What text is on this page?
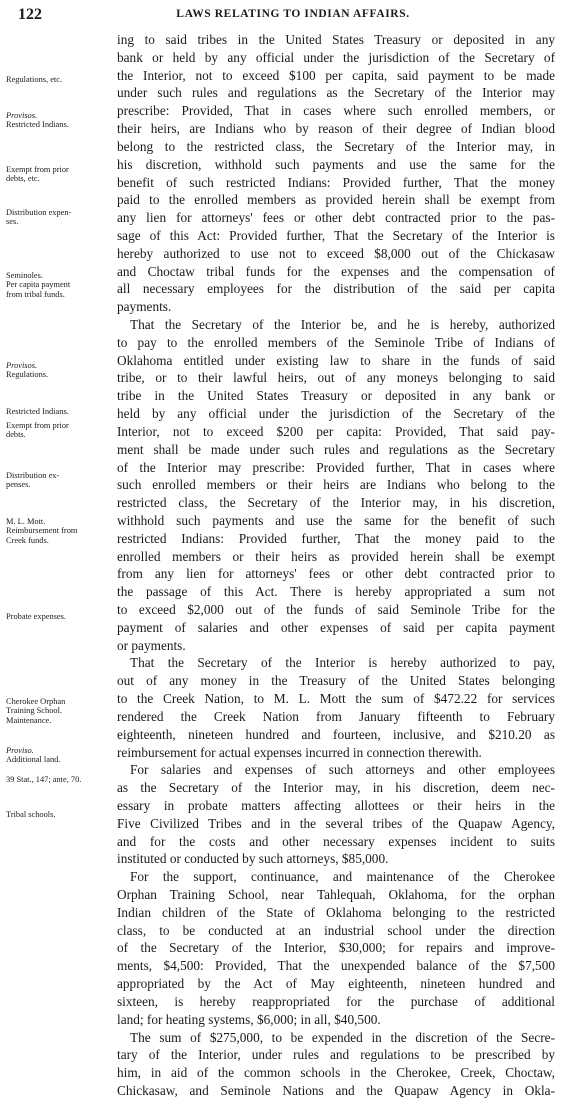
122	LAWS RELATING TO INDIAN AFFAIRS.
ing to said tribes in the United States Treasury or deposited in any
bank or held by any official under the jurisdiction of the Secretary of
the Interior, not to exceed $100 per capita, said payment to be made
under such rules and regulations as the Secretary of the Interior may
prescribe: Provided, That in cases where such enrolled members, or
their heirs, are Indians who by reason of their degree of Indian blood
belong to the restricted class, the Secretary of the Interior may, in
his discretion, withhold such payments and use the same for the
benefit of such restricted Indians: Provided further, That the money
paid to the enrolled members as provided herein shall be exempt from
any lien for attorneys' fees or other debt contracted prior to the pas-
sage of this Act: Provided further, That the Secretary of the Interior is
hereby authorized to use not to exceed $8,000 out of the Chickasaw
and Choctaw tribal funds for the expenses and the compensation of
all necessary employees for the distribution of the said per capita
payments.
That the Secretary of the Interior be, and he is hereby, authorized
to pay to the enrolled members of the Seminole Tribe of Indians of
Oklahoma entitled under existing law to share in the funds of said
tribe, or to their lawful heirs, out of any moneys belonging to said
tribe in the United States Treasury or deposited in any bank or
held by any official under the jurisdiction of the Secretary of the
Interior, not to exceed $200 per capita: Provided, That said pay-
ment shall be made under such rules and regulations as the Secretary
of the Interior may prescribe: Provided further, That in cases where
such enrolled members or their heirs are Indians who belong to the
restricted class, the Secretary of the Interior may, in his discretion,
withhold such payments and use the same for the benefit of such
restricted Indians: Provided further, That the money paid to the
enrolled members or their heirs as provided herein shall be exempt
from any lien for attorneys' fees or other debt contracted prior to
the passage of this Act. There is hereby appropriated a sum not
to exceed $2,000 out of the funds of said Seminole Tribe for the
payment of salaries and other expenses of said per capita payment
or payments.
That the Secretary of the Interior is hereby authorized to pay,
out of any money in the Treasury of the United States belonging
to the Creek Nation, to M. L. Mott the sum of $472.22 for services
rendered the Creek Nation from January fifteenth to February
eighteenth, nineteen hundred and fourteen, inclusive, and $210.20 as
reimbursement for actual expenses incurred in connection therewith.
For salaries and expenses of such attorneys and other employees
as the Secretary of the Interior may, in his discretion, deem nec-
essary in probate matters affecting allottees or their heirs in the
Five Civilized Tribes and in the several tribes of the Quapaw Agency,
and for the costs and other necessary expenses incident to suits
instituted or conducted by such attorneys, $85,000.
For the support, continuance, and maintenance of the Cherokee
Orphan Training School, near Tahlequah, Oklahoma, for the orphan
Indian children of the State of Oklahoma belonging to the restricted
class, to be conducted at an industrial school under the direction
of the Secretary of the Interior, $30,000; for repairs and improve-
ments, $4,500: Provided, That the unexpended balance of the $7,500
appropriated by the Act of May eighteenth, nineteen hundred and
sixteen, is hereby reappropriated for the purchase of additional
land; for heating systems, $6,000; in all, $40,500.
The sum of $275,000, to be expended in the discretion of the Secre-
tary of the Interior, under rules and regulations to be prescribed by
him, in aid of the common schools in the Cherokee, Creek, Choctaw,
Chickasaw, and Seminole Nations and the Quapaw Agency in Okla-
Regulations, etc.
Provisos.
Restricted Indians.
Exempt from prior
debts, etc.
Distribution expen-
ses.
Seminoles.
Per capita payment
from tribal funds.
Provisos.
Regulations.
Restricted Indians.
Exempt from prior
debts.
Distribution ex-
penses.
M. L. Mott.
Reimbursement from
Creek funds.
Probate expenses.
Cherokee Orphan
Training School.
Maintenance.
Proviso.
Additional land.
39 Stat., 147; ante, 70.
Tribal schools.
